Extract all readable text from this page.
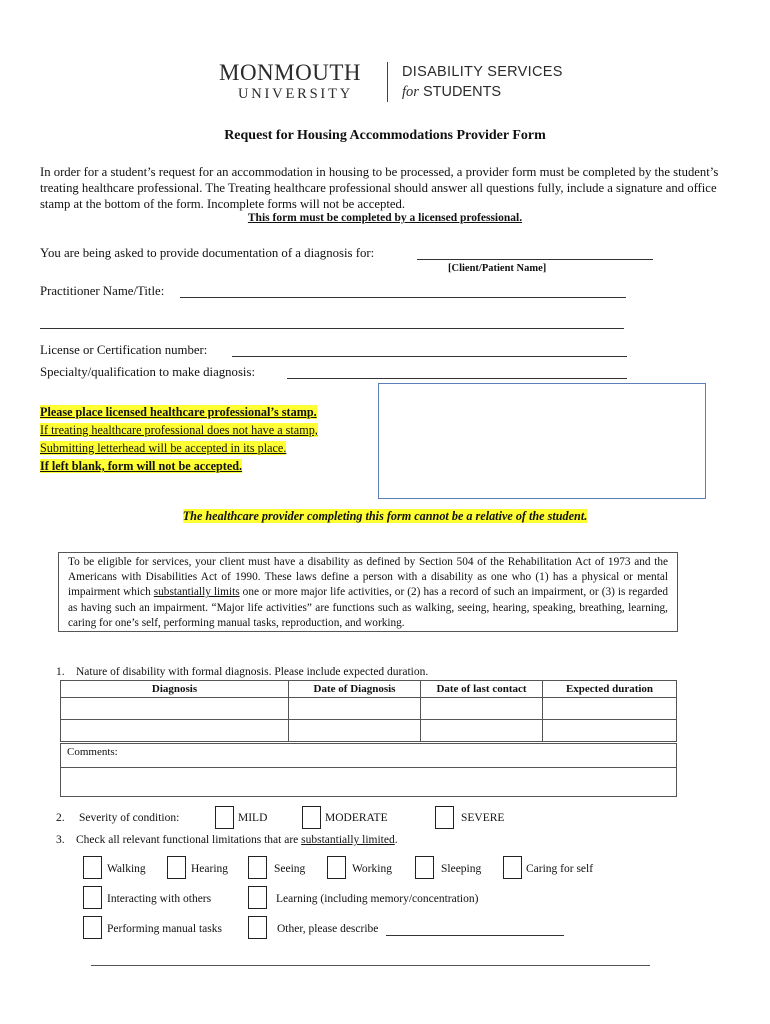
MONMOUTH
UNIVERSITY
DISABILITY SERVICES
for STUDENTS
Request for Housing Accommodations Provider Form
In order for a student’s request for an accommodation in housing to be processed, a provider form must be completed by the student’s treating healthcare professional. The Treating healthcare professional should answer all questions fully, include a signature and office stamp at the bottom of the form. Incomplete forms will not be accepted.
This form must be completed by a licensed professional.
You are being asked to provide documentation of a diagnosis for:
[Client/Patient Name]
Practitioner Name/Title:
License or Certification number:
Specialty/qualification to make diagnosis:
Please place licensed healthcare professional’s stamp.
If treating healthcare professional does not have a stamp,
Submitting letterhead will be accepted in its place.
If left blank, form will not be accepted.
The healthcare provider completing this form cannot be a relative of the student.
To be eligible for services, your client must have a disability as defined by Section 504 of the Rehabilitation Act of 1973 and the Americans with Disabilities Act of 1990. These laws define a person with a disability as one who (1) has a physical or mental impairment which substantially limits one or more major life activities, or (2) has a record of such an impairment, or (3) is regarded as having such an impairment. “Major life activities” are functions such as walking, seeing, hearing, speaking, breathing, learning, caring for one’s self, performing manual tasks, reproduction, and working.
1. Nature of disability with formal diagnosis. Please include expected duration.
Diagnosis	Date of Diagnosis	Date of last contact	Expected duration

Comments:
2. Severity of condition:	MILD	MODERATE	SEVERE
3. Check all relevant functional limitations that are substantially limited.
Walking	Hearing	Seeing	Working	Sleeping	Caring for self
Interacting with others	Learning (including memory/concentration)
Performing manual tasks	Other, please describe
